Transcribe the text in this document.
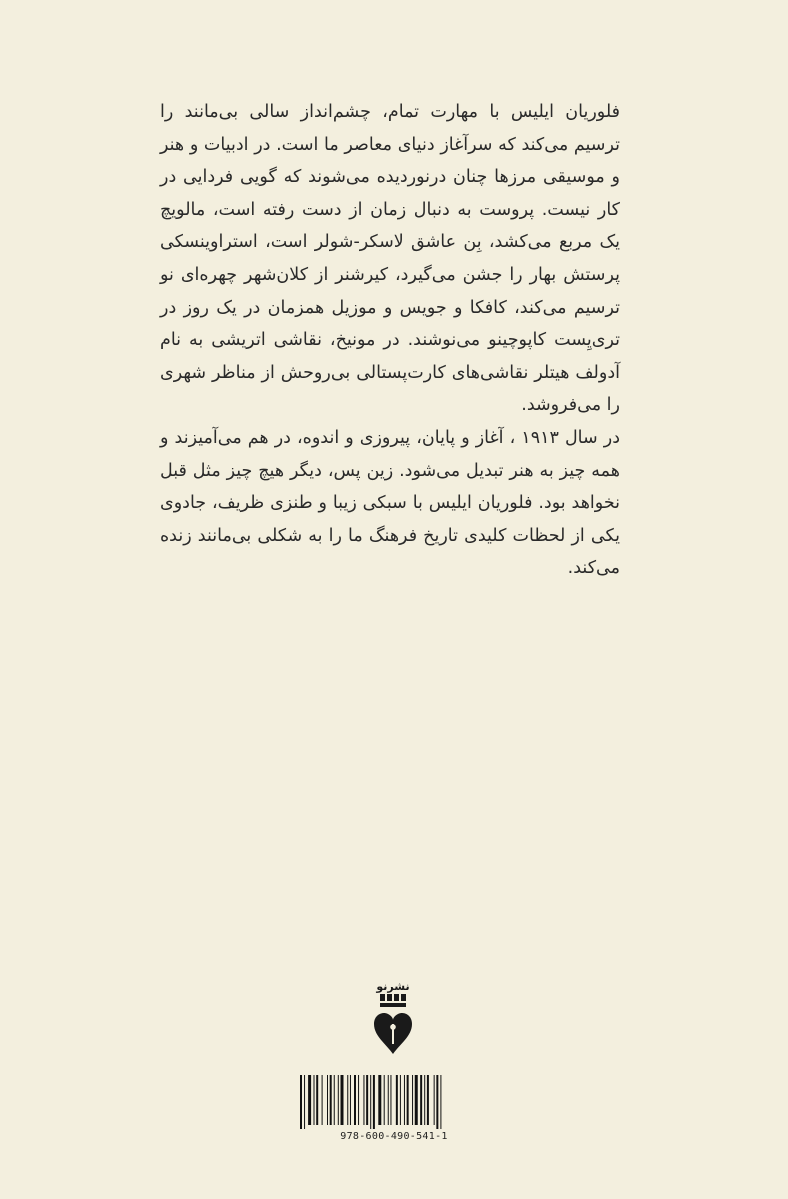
فلوریان ایلیس با مهارت تمام، چشم‌انداز سالی بی‌مانند را ترسیم می‌کند که سرآغاز دنیای معاصر ما است. در ادبیات و هنر و موسیقی مرزها چنان درنوردیده می‌شوند که گویی فردایی در کار نیست. پروست به دنبال زمان از دست رفته است، مالویچ یک مربع می‌کشد، بِن عاشق لاسکر-شولر است، استراوینسکی پرستش بهار را جشن می‌گیرد، کیرشنر از کلان‌شهر چهره‌ای نو ترسیم می‌کند، کافکا و جویس و موزیل همزمان در یک روز در تری‌یِست کاپوچینو می‌نوشند. در مونیخ، نقاشی اتریشی به نام آدولف هیتلر نقاشی‌های کارت‌پستالی بی‌روحش از مناظر شهری را می‌فروشد.

در سال ۱۹۱۳ ، آغاز و پایان، پیروزی و اندوه، در هم می‌آمیزند و همه چیز به هنر تبدیل می‌شود. زین پس، دیگر هیچ چیز مثل قبل نخواهد بود. فلوریان ایلیس با سبکی زیبا و طنزی ظریف، جادوی یکی از لحظات کلیدی تاریخ فرهنگ ما را به شکلی بی‌مانند زنده می‌کند.

نشرنو
978-600-490-541-1
